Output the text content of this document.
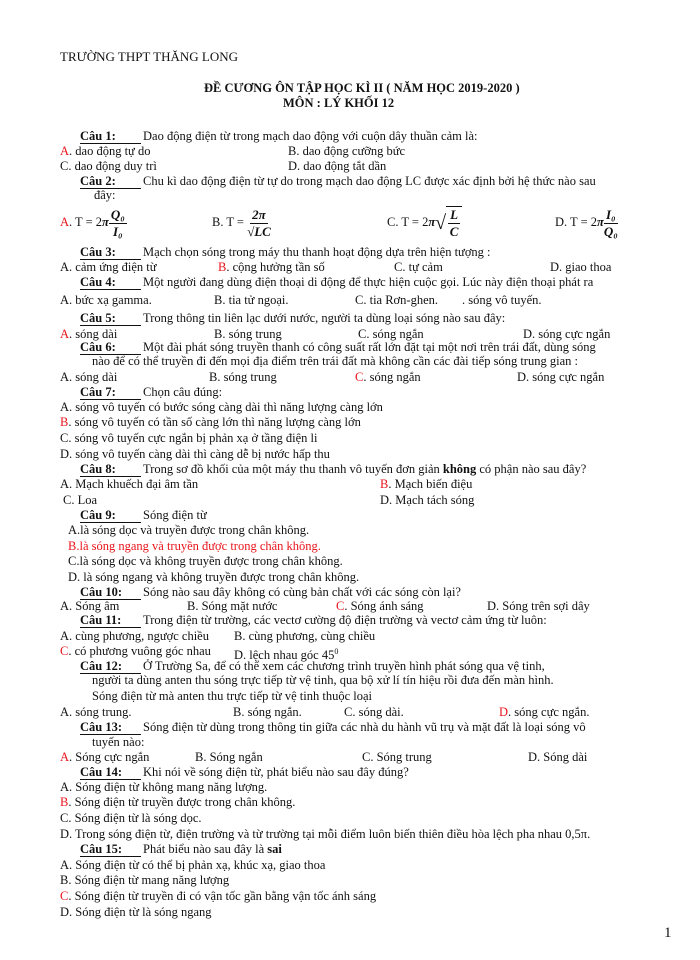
TRƯỜNG THPT THĂNG LONG
ĐỀ CƯƠNG ÔN TẬP HỌC KÌ II ( NĂM HỌC 2019-2020 )
MÔN : LÝ KHỐI 12
Câu 1:	Dao động điện từ trong mạch dao động với cuộn dây thuần cảm là:
A. dao động tự do	B. dao động cưỡng bức
C. dao động duy trì	D. dao động tắt dần
Câu 2:	Chu kì dao động điện từ tự do trong mạch dao động LC được xác định bởi hệ thức nào sau
đây:
A. $T = 2\pi \frac{\text{Q₀}}{\text{I₀}}$	B. $T = \frac{2\pi}{√LC}$	C. T = 2π √ $\frac{L}{C}$	D. $T = 2\pi \frac{\text{I₀}}{\text{Q₀}}$
Câu 3:	Mạch chọn sóng trong máy thu thanh hoạt động dựa trên hiện tượng :
A. cảm ứng điện từ	B. cộng hưởng tần số	C. tự cảm	D. giao thoa
Câu 4:	Một người đang dùng điện thoại di động để thực hiện cuộc gọi. Lúc này điện thoại phát ra
A. bức xạ gamma.	B. tia tử ngoại.	C. tia Rơn-ghen. . sóng vô tuyến.
Câu 5:	Trong thông tin liên lạc dưới nước, người ta dùng loại sóng nào sau đây:
A. sóng dài	B. sóng trung	C. sóng ngắn	D. sóng cực ngắn
Câu 6:	Một đài phát sóng truyền thanh có công suất rất lớn đặt tại một nơi trên trái đất, dùng sóng
nào để có thể truyền đi đến mọi địa điểm trên trái đất mà không cần các đài tiếp sóng trung gian :
A. sóng dài	B. sóng trung	C. sóng ngắn	D. sóng cực ngắn
Câu 7:	Chọn câu đúng:
A. sóng vô tuyến có bước sóng càng dài thì năng lượng càng lớn
B. sóng vô tuyến có tần số càng lớn thì năng lượng càng lớn
C. sóng vô tuyến cực ngắn bị phản xạ ở tầng điện li
D. sóng vô tuyến càng dài thì càng dễ bị nước hấp thu
Câu 8:	Trong sơ đồ khối của một máy thu thanh vô tuyến đơn giản không có phận nào sau đây?
A. Mạch khuếch đại âm tần	B. Mạch biến điệu
C. Loa	D. Mạch tách sóng
Câu 9:	Sóng điện từ
A.là sóng dọc và truyền được trong chân không.
B.là sóng ngang và truyền được trong chân không.
C.là sóng dọc và không truyền được trong chân không.
D. là sóng ngang và không truyền được trong chân không.
Câu 10:	Sóng nào sau đây không có cùng bản chất với các sóng còn lại?
A. Sóng âm	B. Sóng mặt nước	C. Sóng ánh sáng	D. Sóng trên sợi dây
Câu 11:	Trong điện từ trường, các vectơ cường độ điện trường và vectơ cảm ứng từ luôn:
A. cùng phương, ngược chiều B. cùng phương, cùng chiều
C. có phương vuông góc nhau D. lệch nhau góc $45^0$
Câu 12:	Ở Trường Sa, để có thể xem các chương trình truyền hình phát sóng qua vệ tinh,
người ta dùng anten thu sóng trực tiếp từ vệ tinh, qua bộ xử lí tín hiệu rồi đưa đến màn hình.
Sóng điện từ mà anten thu trực tiếp từ vệ tinh thuộc loại
A. sóng trung.	B. sóng ngắn.	C. sóng dài.	D. sóng cực ngắn.
Câu 13:	Sóng điện từ dùng trong thông tin giữa các nhà du hành vũ trụ và mặt đất là loại sóng vô
tuyến nào:
A. Sóng cực ngắn	B. Sóng ngắn	C. Sóng trung	D. Sóng dài
Câu 14:	Khi nói về sóng điện từ, phát biểu nào sau đây đúng?
A. Sóng điện từ không mang năng lượng.
B. Sóng điện từ truyền được trong chân không.
C. Sóng điện từ là sóng dọc.
D. Trong sóng điện từ, điện trường và từ trường tại mỗi điểm luôn biến thiên điều hòa lệch pha nhau 0,5π.
Câu 15:	Phát biểu nào sau đây là sai
A. Sóng điện từ có thể bị phản xạ, khúc xạ, giao thoa
B. Sóng điện từ mang năng lượng
C. Sóng điện từ truyền đi có vận tốc gần bằng vận tốc ánh sáng
D. Sóng điện từ là sóng ngang
1
